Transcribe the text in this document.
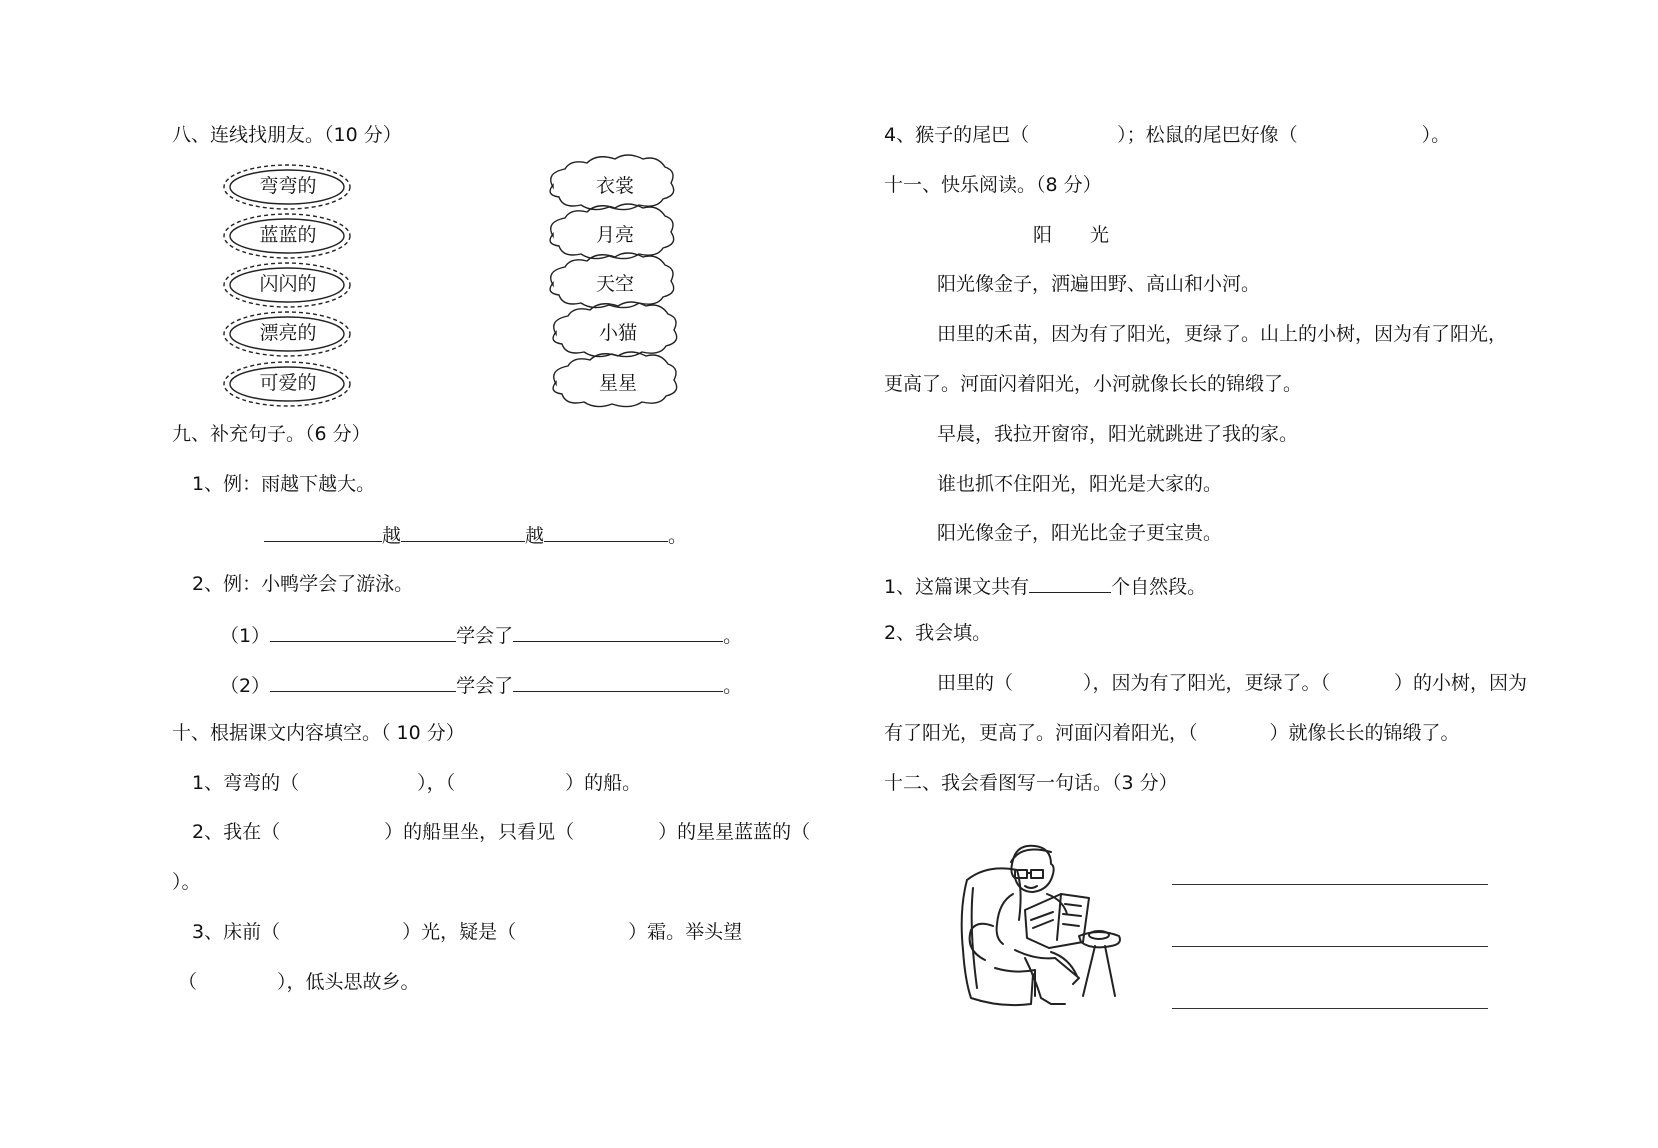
八、连线找朋友。（10 分）
弯弯的
蓝蓝的
闪闪的
漂亮的
可爱的
衣裳
月亮
天空
小猫
星星
九、补充句子。（6 分）
1、例：雨越下越大。
越	越	。
2、例：小鸭学会了游泳。
（1）	学会了	。
（2）	学会了	。
十、根据课文内容填空。（ 10 分）
1、弯弯的（	），（	）的船。
2、我在（	）的船里坐，只看见（	）的星星蓝蓝的（
）。
3、床前（	）光，疑是（	）霜。举头望
（	），低头思故乡。
4、猴子的尾巴（	）；松鼠的尾巴好像（	）。
十一、快乐阅读。（8 分）
阳　　光
阳光像金子，洒遍田野、高山和小河。
田里的禾苗，因为有了阳光，更绿了。山上的小树，因为有了阳光，
更高了。河面闪着阳光，小河就像长长的锦缎了。
早晨，我拉开窗帘，阳光就跳进了我的家。
谁也抓不住阳光，阳光是大家的。
阳光像金子，阳光比金子更宝贵。
1、这篇课文共有	个自然段。
2、我会填。
田里的（	），因为有了阳光，更绿了。（	）的小树，因为
有了阳光，更高了。河面闪着阳光，（	）就像长长的锦缎了。
十二、我会看图写一句话。（3 分）
